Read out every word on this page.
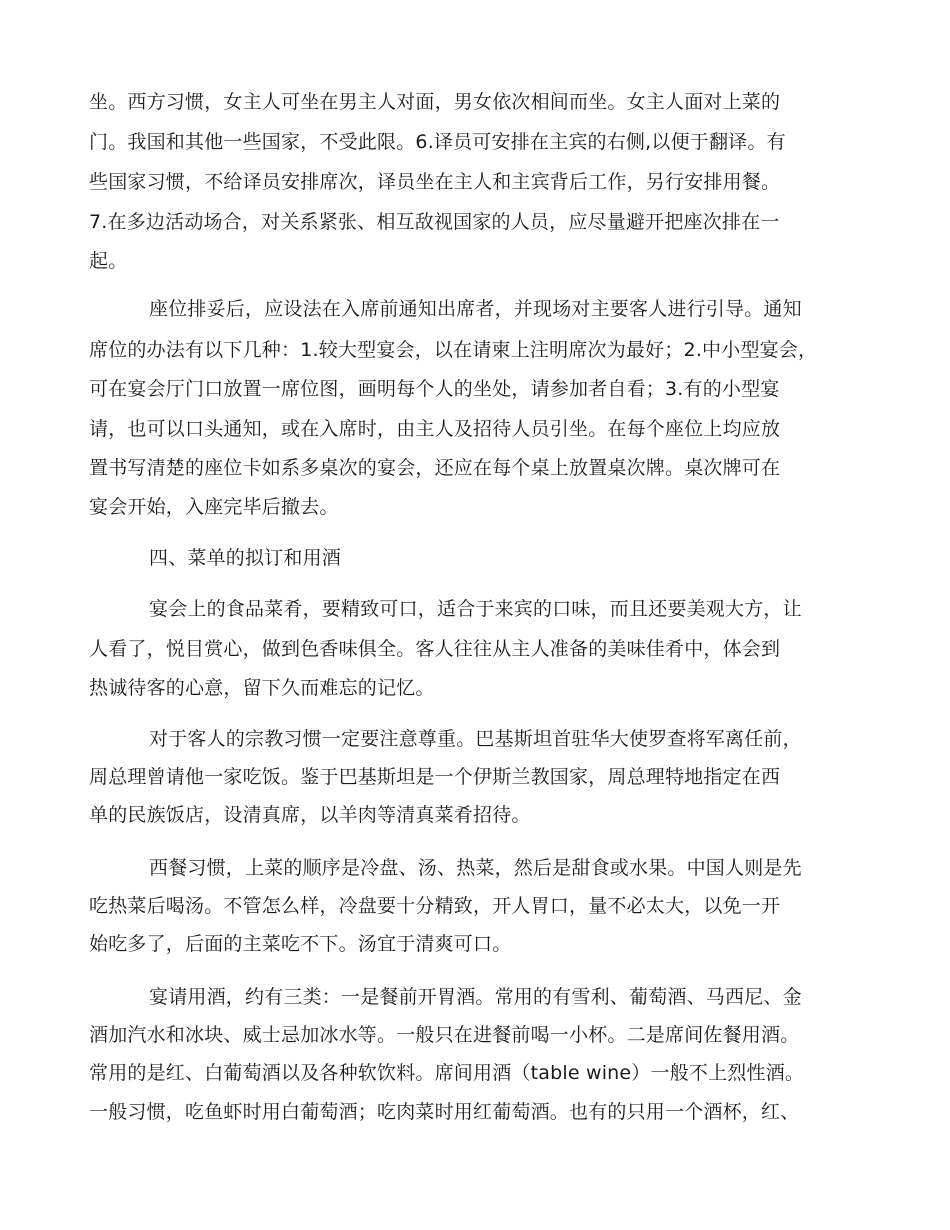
坐。西方习惯，女主人可坐在男主人对面，男女依次相间而坐。女主人面对上菜的
门。我国和其他一些国家，不受此限。6.译员可安排在主宾的右侧,以便于翻译。有
些国家习惯，不给译员安排席次，译员坐在主人和主宾背后工作，另行安排用餐。
7.在多边活动场合，对关系紧张、相互敌视国家的人员，应尽量避开把座次排在一
起。
座位排妥后，应设法在入席前通知出席者，并现场对主要客人进行引导。通知
席位的办法有以下几种：1.较大型宴会，以在请柬上注明席次为最好；2.中小型宴会，
可在宴会厅门口放置一席位图，画明每个人的坐处，请参加者自看；3.有的小型宴
请，也可以口头通知，或在入席时，由主人及招待人员引坐。在每个座位上均应放
置书写清楚的座位卡如系多桌次的宴会，还应在每个桌上放置桌次牌。桌次牌可在
宴会开始，入座完毕后撤去。
四、菜单的拟订和用酒
宴会上的食品菜肴，要精致可口，适合于来宾的口味，而且还要美观大方，让
人看了，悦目赏心，做到色香味俱全。客人往往从主人准备的美味佳肴中，体会到
热诚待客的心意，留下久而难忘的记忆。
对于客人的宗教习惯一定要注意尊重。巴基斯坦首驻华大使罗查将军离任前，
周总理曾请他一家吃饭。鉴于巴基斯坦是一个伊斯兰教国家，周总理特地指定在西
单的民族饭店，设清真席，以羊肉等清真菜肴招待。
西餐习惯，上菜的顺序是冷盘、汤、热菜，然后是甜食或水果。中国人则是先
吃热菜后喝汤。不管怎么样，冷盘要十分精致，开人胃口，量不必太大，以免一开
始吃多了，后面的主菜吃不下。汤宜于清爽可口。
宴请用酒，约有三类：一是餐前开胃酒。常用的有雪利、葡萄酒、马西尼、金
酒加汽水和冰块、威士忌加冰水等。一般只在进餐前喝一小杯。二是席间佐餐用酒。
常用的是红、白葡萄酒以及各种软饮料。席间用酒（table wine）一般不上烈性酒。
一般习惯，吃鱼虾时用白葡萄酒；吃肉菜时用红葡萄酒。也有的只用一个酒杯，红、
